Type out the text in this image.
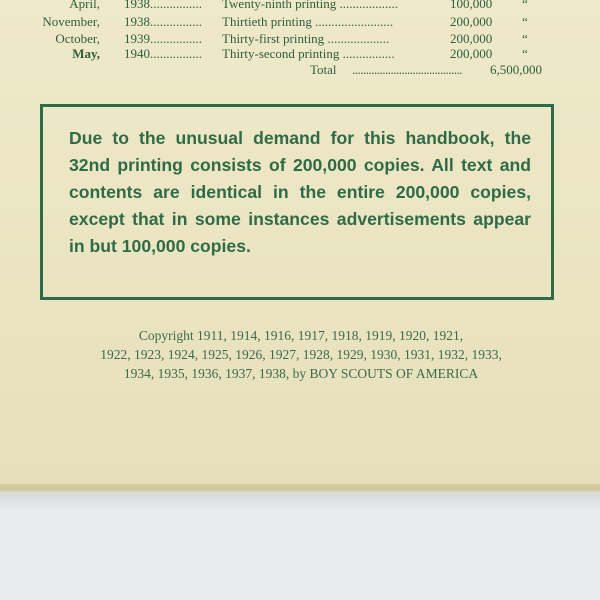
April, 1938................ Twenty-ninth printing ..................	100,000 “
November, 1938................ Thirtieth printing ........................	200,000 “
October, 1939................ Thirty-first printing ...................	200,000 “
May, 1940................ Thirty-second printing ................	200,000 “
Total ........................................ 6,500,000
Due to the unusual demand for this handbook, the 32nd printing consists of 200,000 copies. All text and contents are identical in the entire 200,000 copies, except that in some instances advertisements appear in but 100,000 copies.
Copyright 1911, 1914, 1916, 1917, 1918, 1919, 1920, 1921,
1922, 1923, 1924, 1925, 1926, 1927, 1928, 1929, 1930, 1931, 1932, 1933,
1934, 1935, 1936, 1937, 1938, by BOY SCOUTS OF AMERICA
